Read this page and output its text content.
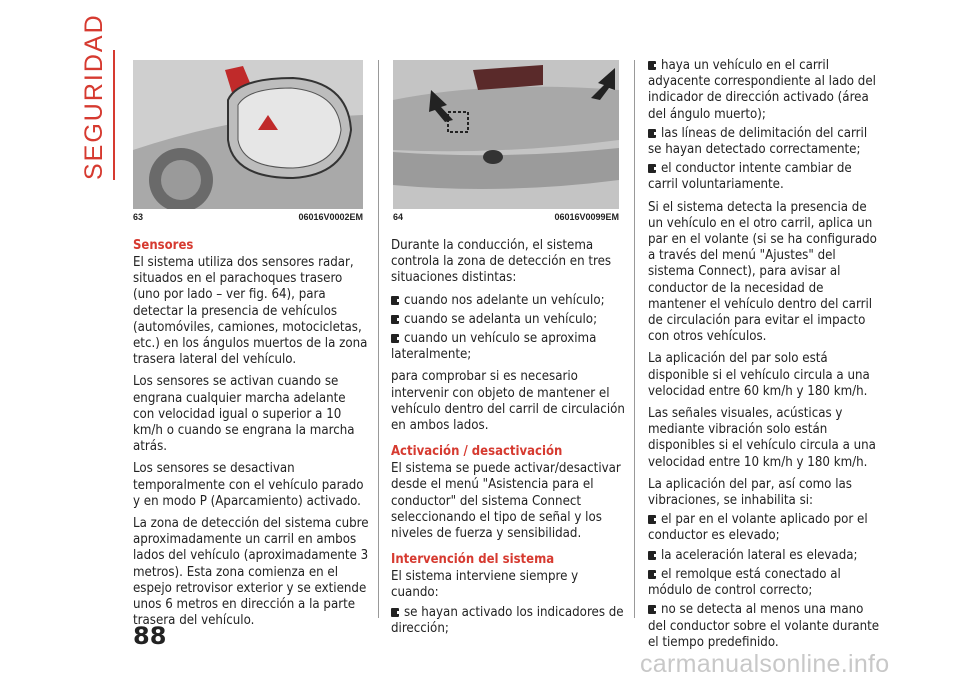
SEGURIDAD
63	06016V0002EM	64	06016V0099EM
Sensores

El sistema utiliza dos sensores radar, situados en el parachoques trasero (uno por lado – ver fig. 64), para detectar la presencia de vehículos (automóviles, camiones, motocicletas, etc.) en los ángulos muertos de la zona trasera lateral del vehículo.

Los sensores se activan cuando se engrana cualquier marcha adelante con velocidad igual o superior a 10 km/h o cuando se engrana la marcha atrás.

Los sensores se desactivan temporalmente con el vehículo parado y en modo P (Aparcamiento) activado.

La zona de detección del sistema cubre aproximadamente un carril en ambos lados del vehículo (aproximadamente 3 metros). Esta zona comienza en el espejo retrovisor exterior y se extiende unos 6 metros en dirección a la parte trasera del vehículo.

Durante la conducción, el sistema controla la zona de detección en tres situaciones distintas:

cuando nos adelante un vehículo;
cuando se adelanta un vehículo;
cuando un vehículo se aproxima lateralmente;

para comprobar si es necesario intervenir con objeto de mantener el vehículo dentro del carril de circulación en ambos lados.

Activación / desactivación

El sistema se puede activar/desactivar desde el menú "Asistencia para el conductor" del sistema Connect seleccionando el tipo de señal y los niveles de fuerza y sensibilidad.

Intervención del sistema

El sistema interviene siempre y cuando:

se hayan activado los indicadores de dirección;
haya un vehículo en el carril adyacente correspondiente al lado del indicador de dirección activado (área del ángulo muerto);
las líneas de delimitación del carril se hayan detectado correctamente;
el conductor intente cambiar de carril voluntariamente.

Si el sistema detecta la presencia de un vehículo en el otro carril, aplica un par en el volante (si se ha configurado a través del menú "Ajustes" del sistema Connect), para avisar al conductor de la necesidad de mantener el vehículo dentro del carril de circulación para evitar el impacto con otros vehículos.

La aplicación del par solo está disponible si el vehículo circula a una velocidad entre 60 km/h y 180 km/h.

Las señales visuales, acústicas y mediante vibración solo están disponibles si el vehículo circula a una velocidad entre 10 km/h y 180 km/h.

La aplicación del par, así como las vibraciones, se inhabilita si:

el par en el volante aplicado por el conductor es elevado;
la aceleración lateral es elevada;
el remolque está conectado al módulo de control correcto;
no se detecta al menos una mano del conductor sobre el volante durante el tiempo predefinido.
88
carmanualsonline.info
